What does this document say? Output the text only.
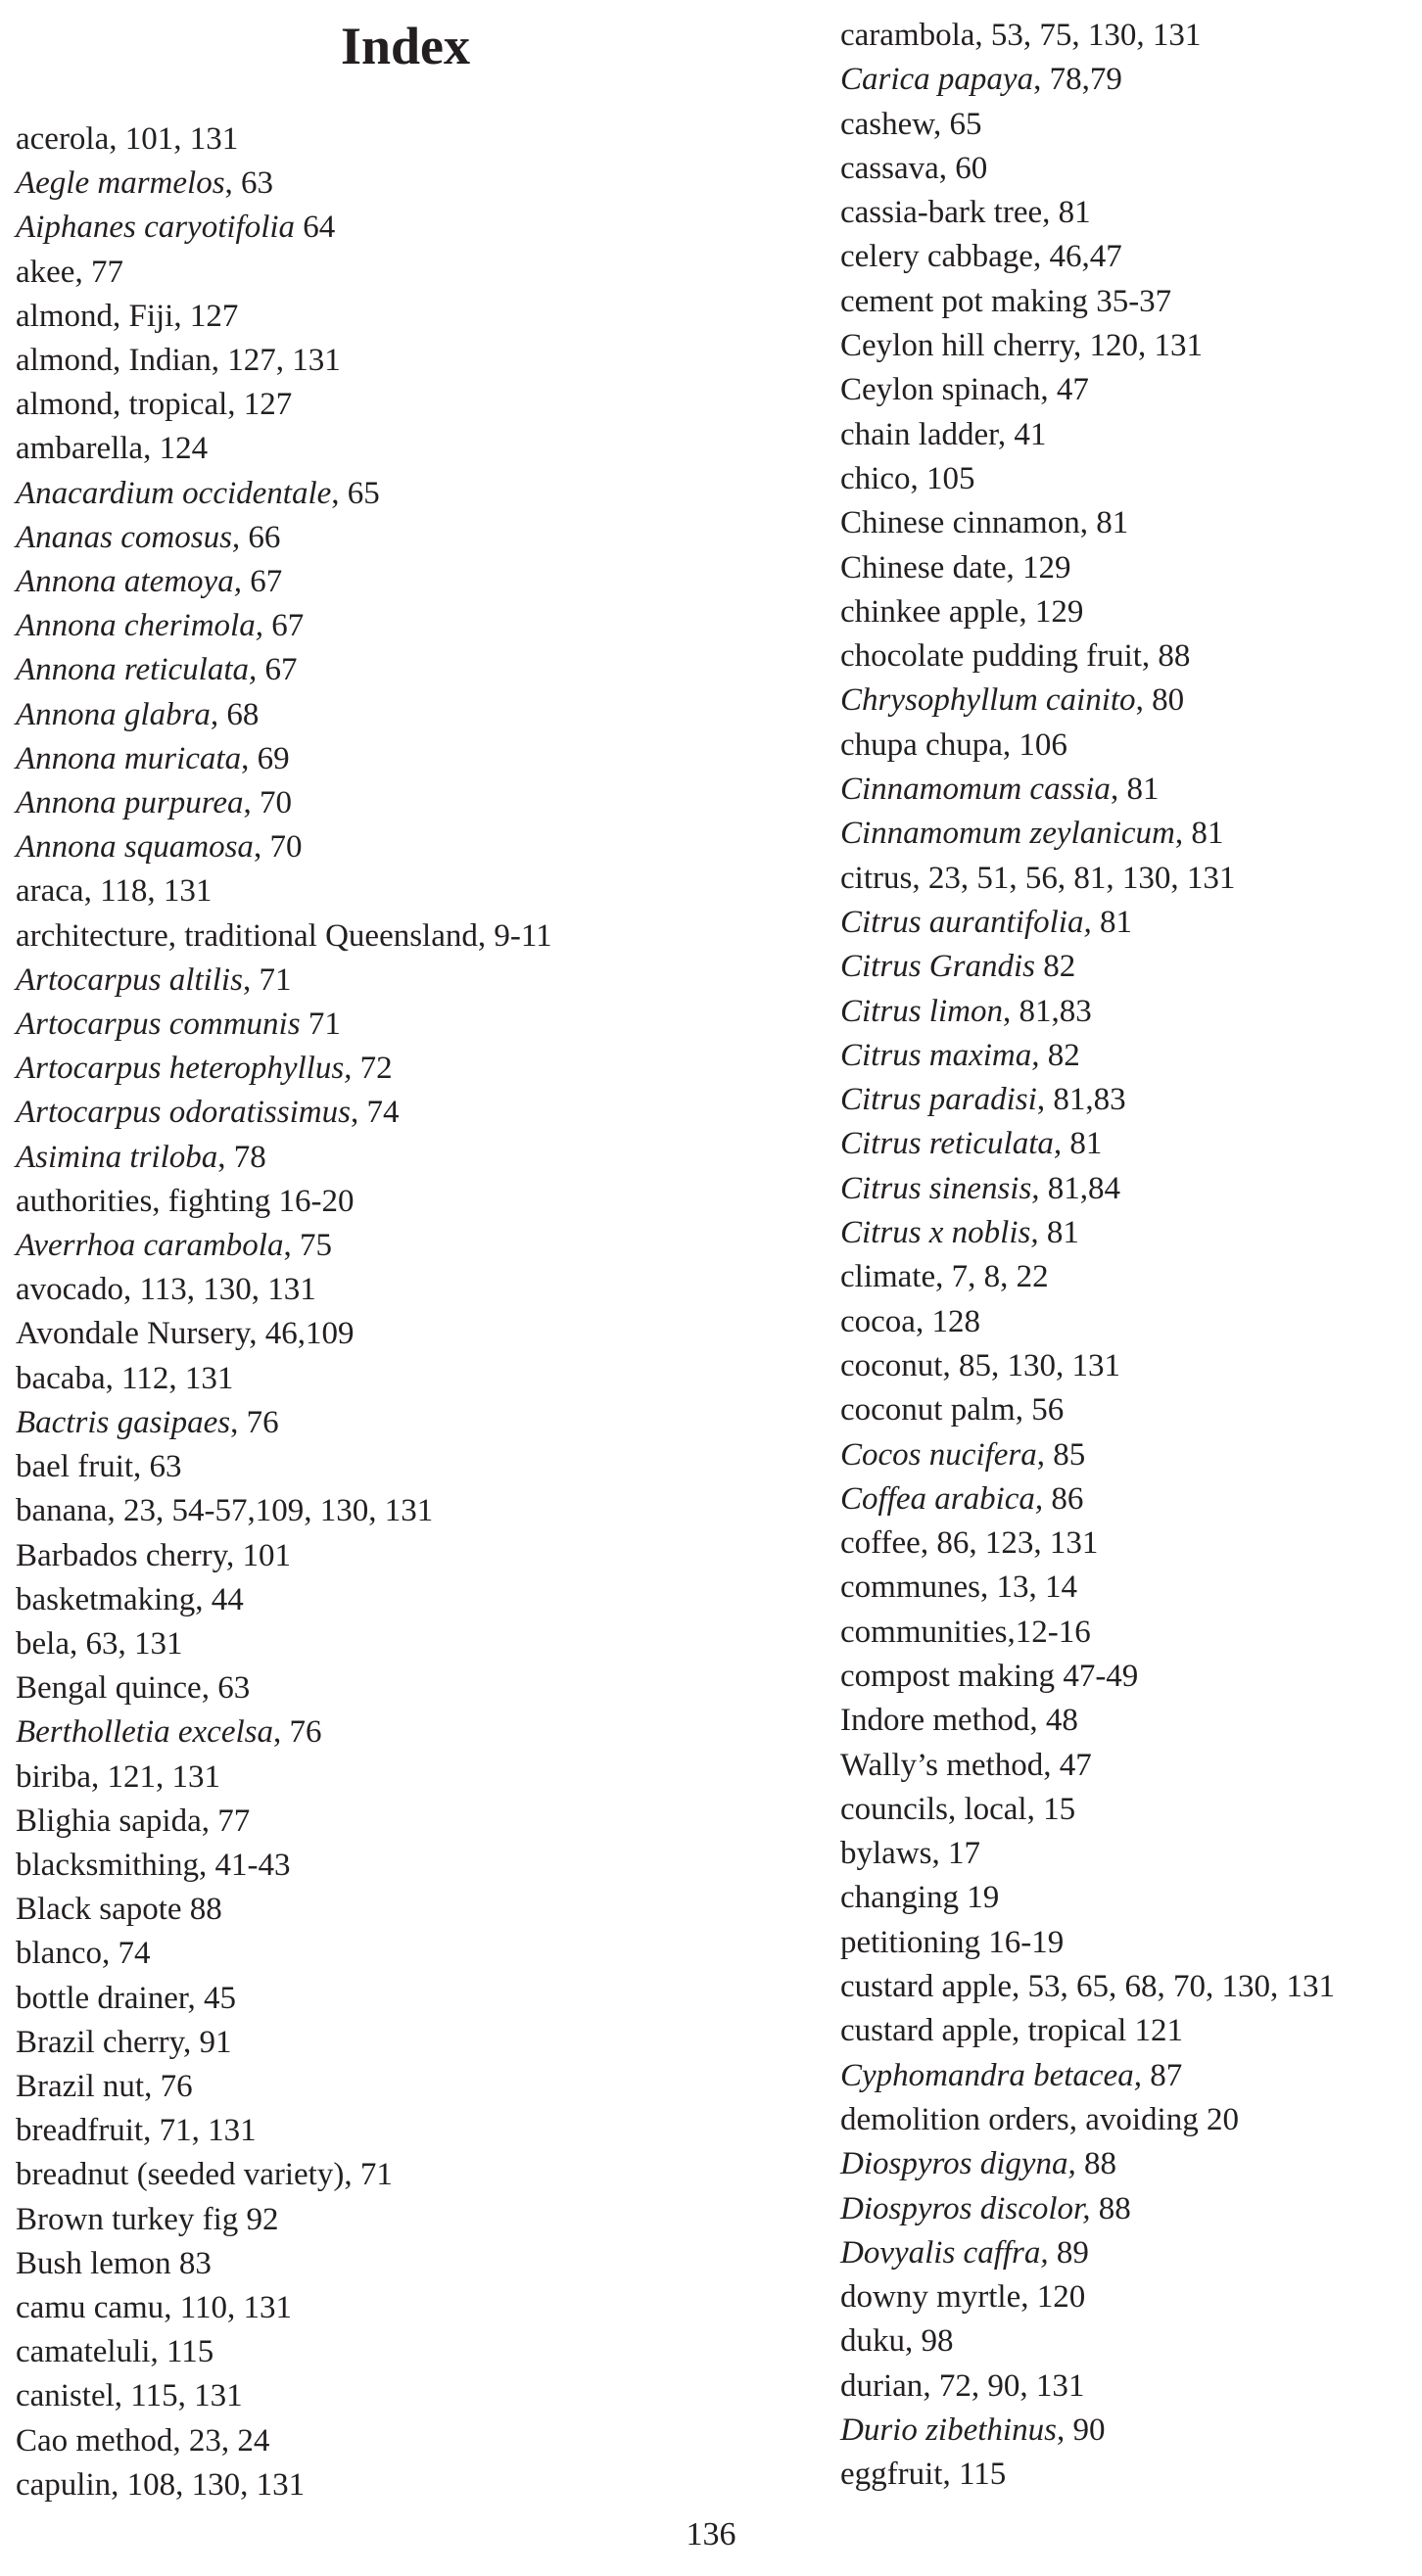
Index
acerola, 101, 131
Aegle marmelos, 63
Aiphanes caryotifolia 64
akee, 77
almond, Fiji, 127
almond, Indian, 127, 131
almond, tropical, 127
ambarella, 124
Anacardium occidentale, 65
Ananas comosus, 66
Annona atemoya, 67
Annona cherimola, 67
Annona reticulata, 67
Annona glabra, 68
Annona muricata, 69
Annona purpurea, 70
Annona squamosa, 70
araca, 118, 131
architecture, traditional Queensland, 9-11
Artocarpus altilis, 71
Artocarpus communis 71
Artocarpus heterophyllus, 72
Artocarpus odoratissimus, 74
Asimina triloba, 78
authorities, fighting 16-20
Averrhoa carambola, 75
avocado, 113, 130, 131
Avondale Nursery, 46,109
bacaba, 112, 131
Bactris gasipaes, 76
bael fruit, 63
banana, 23, 54-57,109, 130, 131
Barbados cherry, 101
basketmaking, 44
bela, 63, 131
Bengal quince, 63
Bertholletia excelsa, 76
biriba, 121, 131
Blighia sapida, 77
blacksmithing, 41-43
Black sapote 88
blanco, 74
bottle drainer, 45
Brazil cherry, 91
Brazil nut, 76
breadfruit, 71, 131
breadnut (seeded variety), 71
Brown turkey fig 92
Bush lemon 83
camu camu, 110, 131
camateluli, 115
canistel, 115, 131
Cao method, 23, 24
capulin, 108, 130, 131
carambola, 53, 75, 130, 131
Carica papaya, 78,79
cashew, 65
cassava, 60
cassia-bark tree, 81
celery cabbage, 46,47
cement pot making 35-37
Ceylon hill cherry, 120, 131
Ceylon spinach, 47
chain ladder, 41
chico, 105
Chinese cinnamon, 81
Chinese date, 129
chinkee apple, 129
chocolate pudding fruit, 88
Chrysophyllum cainito, 80
chupa chupa, 106
Cinnamomum cassia, 81
Cinnamomum zeylanicum, 81
citrus, 23, 51, 56, 81, 130, 131
Citrus aurantifolia, 81
Citrus Grandis 82
Citrus limon, 81,83
Citrus maxima, 82
Citrus paradisi, 81,83
Citrus reticulata, 81
Citrus sinensis, 81,84
Citrus x noblis, 81
climate, 7, 8, 22
cocoa, 128
coconut, 85, 130, 131
coconut palm, 56
Cocos nucifera, 85
Coffea arabica, 86
coffee, 86, 123, 131
communes, 13, 14
communities,12-16
compost making 47-49
Indore method, 48
Wally’s method, 47
councils, local, 15
bylaws, 17
changing 19
petitioning 16-19
custard apple, 53, 65, 68, 70, 130, 131
custard apple, tropical 121
Cyphomandra betacea, 87
demolition orders, avoiding 20
Diospyros digyna, 88
Diospyros discolor, 88
Dovyalis caffra, 89
downy myrtle, 120
duku, 98
durian, 72, 90, 131
Durio zibethinus, 90
eggfruit, 115
136
